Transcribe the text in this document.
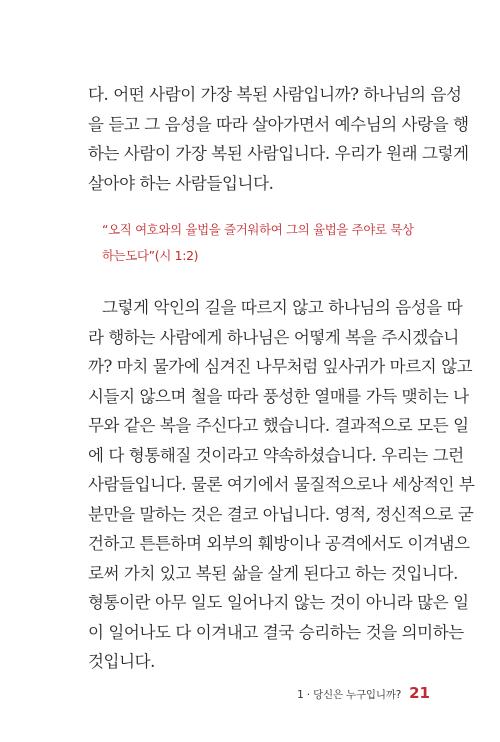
다. 어떤 사람이 가장 복된 사람입니까? 하나님의 음성
을 듣고 그 음성을 따라 살아가면서 예수님의 사랑을 행
하는 사람이 가장 복된 사람입니다. 우리가 원래 그렇게
살아야 하는 사람들입니다.
“오직 여호와의 율법을 즐거워하여 그의 율법을 주야로 묵상
하는도다”(시 1:2)
그렇게 악인의 길을 따르지 않고 하나님의 음성을 따
라 행하는 사람에게 하나님은 어떻게 복을 주시겠습니
까? 마치 물가에 심겨진 나무처럼 잎사귀가 마르지 않고
시들지 않으며 철을 따라 풍성한 열매를 가득 맺히는 나
무와 같은 복을 주신다고 했습니다. 결과적으로 모든 일
에 다 형통해질 것이라고 약속하셨습니다. 우리는 그런
사람들입니다. 물론 여기에서 물질적으로나 세상적인 부
분만을 말하는 것은 결코 아닙니다. 영적, 정신적으로 굳
건하고 튼튼하며 외부의 훼방이나 공격에서도 이겨냄으
로써 가치 있고 복된 삶을 살게 된다고 하는 것입니다.
형통이란 아무 일도 일어나지 않는 것이 아니라 많은 일
이 일어나도 다 이겨내고 결국 승리하는 것을 의미하는
것입니다.
1 · 당신은 누구입니까? 21
